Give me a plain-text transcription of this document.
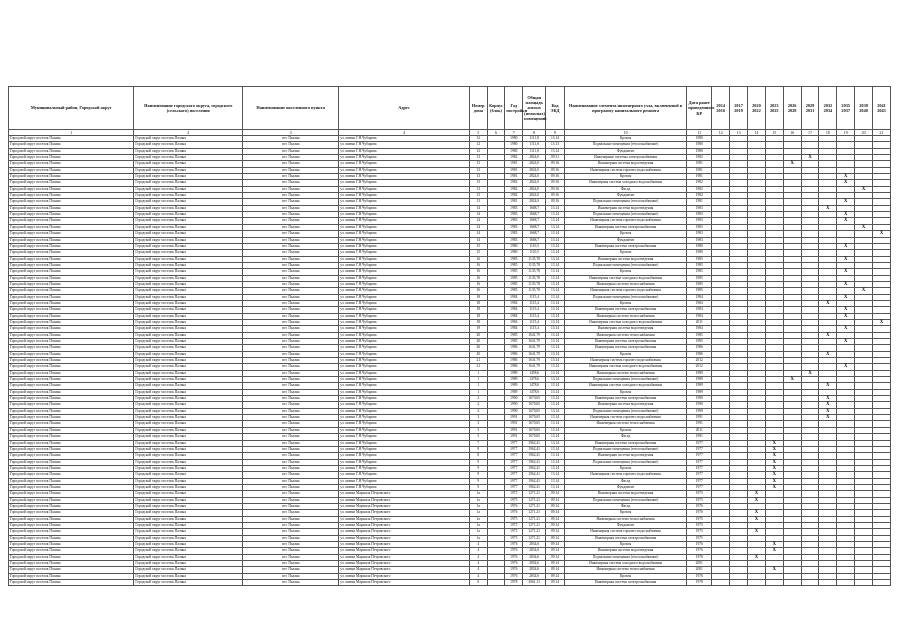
Муниципальный район, Городской округ	Наименование городского округа, городского (сельского) поселения	Наименование населенного пункта	Адрес	Номер дома	Корпус (блок)	Год постройки	Общая площадь жилых (нежилых) помещений	Код ЭКД	Наименование элемента инженерного узла, включенной в программу капитального ремонта	Дата ранее проведенного КР	2014 2016	2017 2019	2020 2022	2023 2025	2026 2028	2029 2031	2032 2034	2035 2037	2038 2040	2041 2043
1	2	3	4	5	6	7	8	9	10	11	12	13	14	15	16	17	18	19	20	21
Городской округ поселок Палана	Городской округ поселок Палана	пгт. Палана	ул. имени Г.Н.Чубарова	12		1980	1111,8	13.14	Кровля	1980										
Городской округ поселок Палана	Городской округ поселок Палана	пгт. Палана	ул. имени Г.Н.Чубарова	12		1980	1111,8	13.13	Подвальные помещения (теплоснабжение)	1980										
Городской округ поселок Палана	Городской округ поселок Палана	пгт. Палана	ул. имени Г.Н.Чубарова	12		1980	1111,8	13.14	Фундамент	1980										
Городской округ поселок Палана	Городской округ поселок Палана	пгт. Палана	ул. имени Г.Н.Чубарова	13		1982	2824,0	09.31	Инженерные системы электроснабжения	1982						X				
Городской округ поселок Палана	Городской округ поселок Палана	пгт. Палана	ул. имени Г.Н.Чубарова	13		1981	2824,0	09.16	Инженерная система водоотведения	1981					X					
Городской округ поселок Палана	Городской округ поселок Палана	пгт. Палана	ул. имени Г.Н.Чубарова	13		1981	2824,0	09.16	Инженерная система горячего водоснабжения	1981										
Городской округ поселок Палана	Городской округ поселок Палана	пгт. Палана	ул. имени Г.Н.Чубарова	13		1981	2824,0	09.16	Кровля	1981								X		
Городской округ поселок Палана	Городской округ поселок Палана	пгт. Палана	ул. имени Г.Н.Чубарова	13		1982	2824,0	09.16	Инженерная система холодного водоснабжения	1982								X		
Городской округ поселок Палана	Городской округ поселок Палана	пгт. Палана	ул. имени Г.Н.Чубарова	13		1982	2824,0	09.16	Фасад	1982									X	
Городской округ поселок Палана	Городской округ поселок Палана	пгт. Палана	ул. имени Г.Н.Чубарова	13		1982	2824,0	09.16	Фундамент	1982										
Городской округ поселок Палана	Городской округ поселок Палана	пгт. Палана	ул. имени Г.Н.Чубарова	13		1981	2824,0	09.16	Подвальные помещения (теплоснабжение)	1981								X		
Городской округ поселок Палана	Городской округ поселок Палана	пгт. Палана	ул. имени Г.Н.Чубарова	14		1983	1668,7	13.14	Инженерная система водоотведения	1983							X			
Городской округ поселок Палана	Городской округ поселок Палана	пгт. Палана	ул. имени Г.Н.Чубарова	14		1983	1668,7	13.14	Подвальные помещения (теплоснабжение)	1983								X		
Городской округ поселок Палана	Городской округ поселок Палана	пгт. Палана	ул. имени Г.Н.Чубарова	14		1983	1668,7	13.14	Инженерная система горячего водоснабжения	1983								X		
Городской округ поселок Палана	Городской округ поселок Палана	пгт. Палана	ул. имени Г.Н.Чубарова	14		1983	1668,7	13.14	Инженерная система электроснабжения	1983									X	
Городской округ поселок Палана	Городской округ поселок Палана	пгт. Палана	ул. имени Г.Н.Чубарова	14		1983	1668,7	13.14	Кровля	1983										X
Городской округ поселок Палана	Городской округ поселок Палана	пгт. Палана	ул. имени Г.Н.Чубарова	14		1983	1668,7	13.14	Фундамент	1983										
Городской округ поселок Палана	Городской округ поселок Палана	пгт. Палана	ул. имени Г.Н.Чубарова	15		1980	1110,5	13.14	Инженерная система электроснабжения	1980								X		
Городской округ поселок Палана	Городской округ поселок Палана	пгт. Палана	ул. имени Г.Н.Чубарова	15		1980	1110,5	13.14	Кровля	1980										
Городской округ поселок Палана	Городской округ поселок Палана	пгт. Палана	ул. имени Г.Н.Чубарова	16		1985	1135,78	13.14	Инженерная система водоотведения	1985								X		
Городской округ поселок Палана	Городской округ поселок Палана	пгт. Палана	ул. имени Г.Н.Чубарова	16		1985	1135,78	13.14	Подвальные помещения (теплоснабжение)	1985										
Городской округ поселок Палана	Городской округ поселок Палана	пгт. Палана	ул. имени Г.Н.Чубарова	16		1985	1135,78	13.14	Кровля	1985								X		
Городской округ поселок Палана	Городской округ поселок Палана	пгт. Палана	ул. имени Г.Н.Чубарова	16		1985	1135,78	13.14	Инженерная система холодного водоснабжения	1985										
Городской округ поселок Палана	Городской округ поселок Палана	пгт. Палана	ул. имени Г.Н.Чубарова	16		1985	1135,78	13.14	Инженерная система теплоснабжения	1985								X		
Городской округ поселок Палана	Городской округ поселок Палана	пгт. Палана	ул. имени Г.Н.Чубарова	16		1985	1135,78	13.14	Инженерная система горячего водоснабжения	1985									X	
Городской округ поселок Палана	Городской округ поселок Палана	пгт. Палана	ул. имени Г.Н.Чубарова	18		1984	1115,4	13.14	Подвальные помещения (теплоснабжение)	1984								X		
Городской округ поселок Палана	Городской округ поселок Палана	пгт. Палана	ул. имени Г.Н.Чубарова	18		1984	1115,4	13.14	Кровля	1984							X			
Городской округ поселок Палана	Городской округ поселок Палана	пгт. Палана	ул. имени Г.Н.Чубарова	18		1984	1115,4	13.14	Инженерная система электроснабжения	1984								X		
Городской округ поселок Палана	Городской округ поселок Палана	пгт. Палана	ул. имени Г.Н.Чубарова	18		1984	1115,4	13.14	Инженерная система теплоснабжения	1984								X		
Городской округ поселок Палана	Городской округ поселок Палана	пгт. Палана	ул. имени Г.Н.Чубарова	18		1984	1115,4	13.14	Инженерная система холодного водоснабжения	2011										X
Городской округ поселок Палана	Городской округ поселок Палана	пгт. Палана	ул. имени Г.Н.Чубарова	19		1984	1115,4	13.14	Инженерная система водоотведения	1984								X		
Городской округ поселок Палана	Городской округ поселок Палана	пгт. Палана	ул. имени Г.Н.Чубарова	20		1985	1641,79	13.14	Инженерная система теплоснабжения	1985							X			
Городской округ поселок Палана	Городской округ поселок Палана	пгт. Палана	ул. имени Г.Н.Чубарова	20		1985	1641,79	13.14	Инженерная система электроснабжения	1985								X		
Городской округ поселок Палана	Городской округ поселок Палана	пгт. Палана	ул. имени Г.Н.Чубарова	20		1986	1641,79	13.14	Инженерная система электроснабжения	1986										
Городской округ поселок Палана	Городской округ поселок Палана	пгт. Палана	ул. имени Г.Н.Чубарова	20		1986	1641,79	13.14	Кровля	1986							X			
Городской округ поселок Палана	Городской округ поселок Палана	пгт. Палана	ул. имени Г.Н.Чубарова	21		1986	1641,79	13.14	Инженерная система горячего водоснабжения	2012										
Городской округ поселок Палана	Городской округ поселок Палана	пгт. Палана	ул. имени Г.Н.Чубарова	21		1986	1641,79	13.14	Инженерная система холодного водоснабжения	2012								X		
Городской округ поселок Палана	Городской округ поселок Палана	пгт. Палана	ул. имени Г.Н.Чубарова	1		1989	1458,6	13.14	Инженерная система теплоснабжения	1989						X				
Городской округ поселок Палана	Городской округ поселок Палана	пгт. Палана	ул. имени Г.Н.Чубарова	1		1989	1478,6	13.14	Подвальные помещения (теплоснабжение)	1989					X					
Городской округ поселок Палана	Городской округ поселок Палана	пгт. Палана	ул. имени Г.Н.Чубарова	1		1989	1478,6	13.14	Инженерная система холодного водоснабжения	1989							X			
Городской округ поселок Палана	Городской округ поселок Палана	пгт. Палана	ул. имени Г.Н.Чубарова	1		1989	1478,6	13.14	Кровля	1989										
Городской округ поселок Палана	Городской округ поселок Палана	пгт. Палана	ул. имени Г.Н.Чубарова	2		1990	1670,65	13.14	Инженерная система электроснабжения	1990							X			
Городской округ поселок Палана	Городской округ поселок Палана	пгт. Палана	ул. имени Г.Н.Чубарова	2		1990	1670,65	13.14	Инженерная система водоотведения	1990							X			
Городской округ поселок Палана	Городской округ поселок Палана	пгт. Палана	ул. имени Г.Н.Чубарова	2		1990	1670,65	13.14	Подвальные помещения (теплоснабжение)	1990							X			
Городской округ поселок Палана	Городской округ поселок Палана	пгт. Палана	ул. имени Г.Н.Чубарова	3		1991	1670,65	13.14	Инженерная система горячего водоснабжения	1991							X			
Городской округ поселок Палана	Городской округ поселок Палана	пгт. Палана	ул. имени Г.Н.Чубарова	3		1991	1670,65	13.14	Инженерная система теплоснабжения	1991										
Городской округ поселок Палана	Городской округ поселок Палана	пгт. Палана	ул. имени Г.Н.Чубарова	3		1991	1670,65	13.14	Кровля	2011										
Городской округ поселок Палана	Городской округ поселок Палана	пгт. Палана	ул. имени Г.Н.Чубарова	3		1991	1670,65	13.14	Фасад	1991										
Городской округ поселок Палана	Городской округ поселок Палана	пгт. Палана	ул. имени Г.Н.Чубарова	7		1977	1962,41	13.14	Инженерная система электроснабжения	1977				X						
Городской округ поселок Палана	Городской округ поселок Палана	пгт. Палана	ул. имени Г.Н.Чубарова	8		1977	1962,41	13.14	Подвальные помещения (теплоснабжение)	1977				X						
Городской округ поселок Палана	Городской округ поселок Палана	пгт. Палана	ул. имени Г.Н.Чубарова	8		1977	1962,41	13.14	Инженерная система водоотведения	1977				X						
Городской округ поселок Палана	Городской округ поселок Палана	пгт. Палана	ул. имени Г.Н.Чубарова	9		1977	1962,41	13.14	Подвальные помещения (теплоснабжение)	1977				X						
Городской округ поселок Палана	Городской округ поселок Палана	пгт. Палана	ул. имени Г.Н.Чубарова	9		1977	1962,41	13.14	Кровля	1977				X						
Городской округ поселок Палана	Городской округ поселок Палана	пгт. Палана	ул. имени Г.Н.Чубарова	9		1977	1962,41	13.14	Инженерная система горячего водоснабжения	1977				X						
Городской округ поселок Палана	Городской округ поселок Палана	пгт. Палана	ул. имени Г.Н.Чубарова	9		1977	1962,41	13.14	Фасад	1977				X						
Городской округ поселок Палана	Городской округ поселок Палана	пгт. Палана	ул. имени Г.Н.Чубарова	9		1977	1962,41	13.14	Фундамент	1977				X						
Городской округ поселок Палана	Городской округ поселок Палана	пгт. Палана	ул. имени Маршала Петровского	1а		1975	1271,21	09.14	Инженерная система водоотведения	1975			X							
Городской округ поселок Палана	Городской округ поселок Палана	пгт. Палана	ул. имени Маршала Петровского	1а		1975	1271,21	09.14	Подвальные помещения (теплоснабжение)	1975			X							
Городской округ поселок Палана	Городской округ поселок Палана	пгт. Палана	ул. имени Маршала Петровского	1а		1976	1271,21	09.14	Фасад	1976										
Городской округ поселок Палана	Городской округ поселок Палана	пгт. Палана	ул. имени Маршала Петровского	1а		1976	1271,21	09.14	Кровля	1976			X							
Городской округ поселок Палана	Городской округ поселок Палана	пгт. Палана	ул. имени Маршала Петровского	1а		1975	1271,21	09.14	Инженерная система теплоснабжения	1975			X							
Городской округ поселок Палана	Городской округ поселок Палана	пгт. Палана	ул. имени Маршала Петровского	1а		1975	1271,21	09.14	Фундамент	1975										
Городской округ поселок Палана	Городской округ поселок Палана	пгт. Палана	ул. имени Маршала Петровского	1а		1975	1271,21	09.14	Инженерная система горячего водоснабжения	1975			X							
Городской округ поселок Палана	Городской округ поселок Палана	пгт. Палана	ул. имени Маршала Петровского	1а		1975	1271,21	09.14	Инженерная система электроснабжения	1975										
Городской округ поселок Палана	Городской округ поселок Палана	пгт. Палана	ул. имени Маршала Петровского	4		1976	2834,6	09.14	Кровля	1976				X						
Городской округ поселок Палана	Городской округ поселок Палана	пгт. Палана	ул. имени Маршала Петровского	4		1976	2834,6	09.14	Инженерная система водоотведения	1976				X						
Городской округ поселок Палана	Городской округ поселок Палана	пгт. Палана	ул. имени Маршала Петровского	4		1976	2834,6	09.14	Подвальные помещения (теплоснабжение)	1976			X							
Городской округ поселок Палана	Городской округ поселок Палана	пгт. Палана	ул. имени Маршала Петровского	4		1976	2834,6	09.14	Инженерная система холодного водоснабжения	2001										
Городской округ поселок Палана	Городской округ поселок Палана	пгт. Палана	ул. имени Маршала Петровского	4		1976	2834,6	09.14	Инженерная система теплоснабжения	2001				X						
Городской округ поселок Палана	Городской округ поселок Палана	пгт. Палана	ул. имени Маршала Петровского	4		1976	2834,6	09.14	Кровля	1976										
Городской округ поселок Палана	Городской округ поселок Палана	пгт. Палана	ул. имени Маршала Петровского	6		1978	3061,11	09.14	Инженерная система электроснабжения	1978										
